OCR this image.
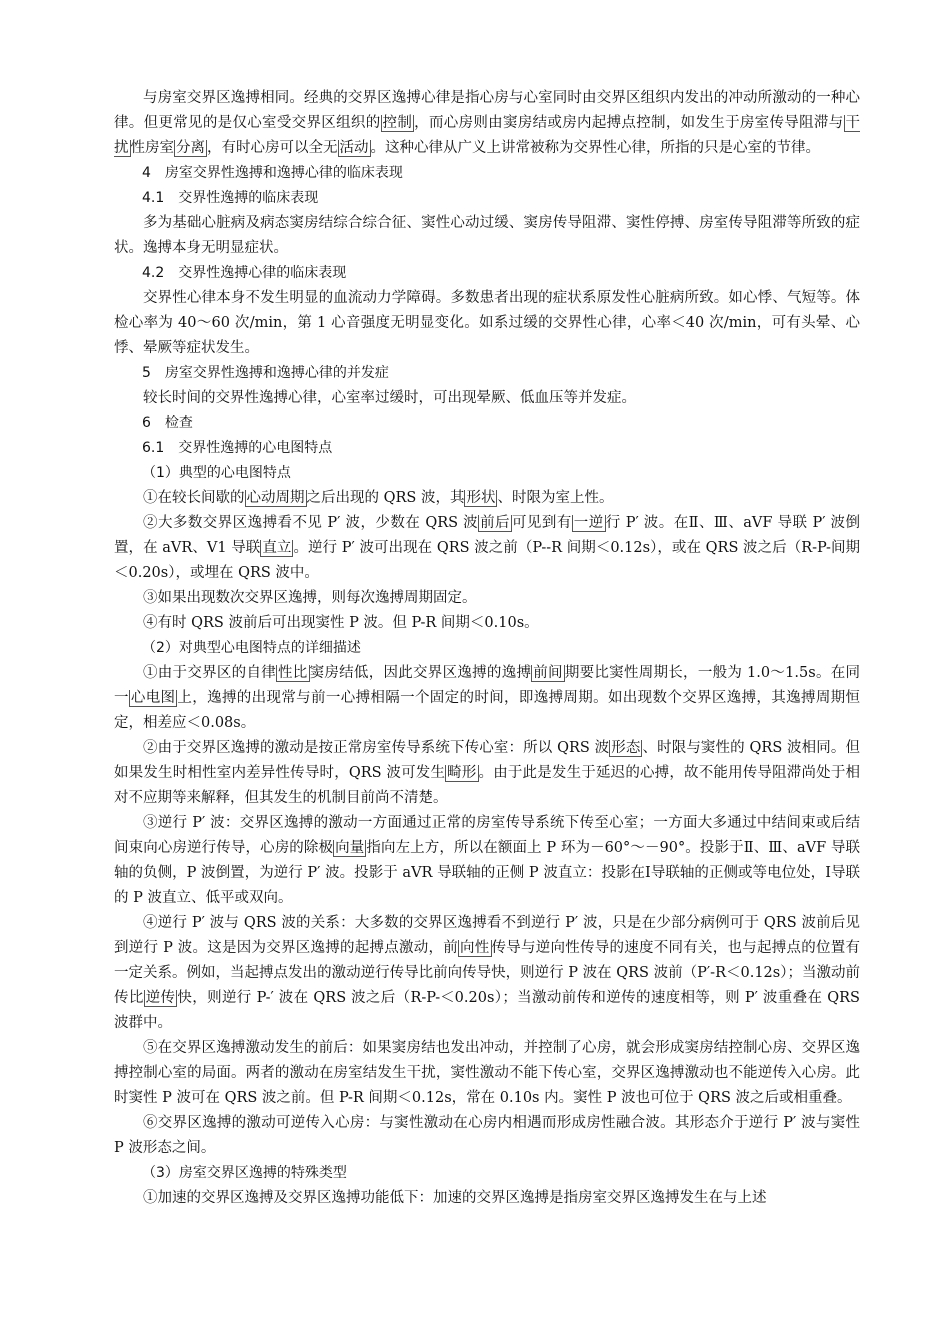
与房室交界区逸搏相同。经典的交界区逸搏心律是指心房与心室同时由交界区组织内发出的冲动所激动的一种心律。但更常见的是仅心室受交界区组织的 控制 ，而心房则由窦房结或房内起搏点控制，如发生于房室传导阻滞与 干扰 性房室 分离 ，有时心房可以全无 活动 。这种心律从广义上讲常被称为交界性心律，所指的只是心室的节律。

4　房室交界性逸搏和逸搏心律的临床表现

4.1　交界性逸搏的临床表现

多为基础心脏病及病态窦房结综合综合征、窦性心动过缓、窦房传导阻滞、窦性停搏、房室传导阻滞等所致的症状。逸搏本身无明显症状。

4.2　交界性逸搏心律的临床表现

交界性心律本身不发生明显的血流动力学障碍。多数患者出现的症状系原发性心脏病所致。如心悸、气短等。体检心率为 40～60 次/min，第 1 心音强度无明显变化。如系过缓的交界性心律，心率＜40 次/min，可有头晕、心悸、晕厥等症状发生。

5　房室交界性逸搏和逸搏心律的并发症

较长时间的交界性逸搏心律，心室率过缓时，可出现晕厥、低血压等并发症。

6　检查

6.1　交界性逸搏的心电图特点

（1）典型的心电图特点

①在较长间歇的 心动周期 之后出现的 QRS 波，其 形状 、时限为室上性。

②大多数交界区逸搏看不见 P′ 波，少数在 QRS 波 前后 可见到有 一逆 行 P′ 波。在Ⅱ、Ⅲ、aVF 导联 P′ 波倒置，在 aVR、V1 导联 直立 。逆行 P′ 波可出现在 QRS 波之前（P--R 间期＜0.12s），或在 QRS 波之后（R-P-间期＜0.20s），或埋在 QRS 波中。

③如果出现数次交界区逸搏，则每次逸搏周期固定。

④有时 QRS 波前后可出现窦性 P 波。但 P-R 间期＜0.10s。

（2）对典型心电图特点的详细描述

①由于交界区的自律 性比 窦房结低，因此交界区逸搏的逸搏 前间 期要比窦性周期长，一般为 1.0～1.5s。在同一 心电图 上，逸搏的出现常与前一心搏相隔一个固定的时间，即逸搏周期。如出现数个交界区逸搏，其逸搏周期恒定，相差应＜0.08s。

②由于交界区逸搏的激动是按正常房室传导系统下传心室：所以 QRS 波 形态 、时限与窦性的 QRS 波相同。但如果发生时相性室内差异性传导时，QRS 波可发生 畸形 。由于此是发生于延迟的心搏，故不能用传导阻滞尚处于相对不应期等来解释，但其发生的机制目前尚不清楚。

③逆行 P′ 波：交界区逸搏的激动一方面通过正常的房室传导系统下传至心室；一方面大多通过中结间束或后结间束向心房逆行传导，心房的除极 向量 指向左上方，所以在额面上 P 环为－60°～－90°。投影于Ⅱ、Ⅲ、aVF 导联轴的负侧，P 波倒置，为逆行 P′ 波。投影于 aVR 导联轴的正侧 P 波直立：投影在Ⅰ导联轴的正侧或等电位处，Ⅰ导联的 P 波直立、低平或双向。

④逆行 P′ 波与 QRS 波的关系：大多数的交界区逸搏看不到逆行 P′ 波，只是在少部分病例可于 QRS 波前后见到逆行 P 波。这是因为交界区逸搏的起搏点激动，前 向性 传导与逆向性传导的速度不同有关，也与起搏点的位置有一定关系。例如，当起搏点发出的激动逆行传导比前向传导快，则逆行 P 波在 QRS 波前（P′-R＜0.12s）；当激动前传比 逆传 快，则逆行 P-′ 波在 QRS 波之后（R-P-＜0.20s）；当激动前传和逆传的速度相等，则 P′ 波重叠在 QRS 波群中。

⑤在交界区逸搏激动发生的前后：如果窦房结也发出冲动，并控制了心房，就会形成窦房结控制心房、交界区逸搏控制心室的局面。两者的激动在房室结发生干扰，窦性激动不能下传心室，交界区逸搏激动也不能逆传入心房。此时窦性 P 波可在 QRS 波之前。但 P-R 间期＜0.12s，常在 0.10s 内。窦性 P 波也可位于 QRS 波之后或相重叠。

⑥交界区逸搏的激动可逆传入心房：与窦性激动在心房内相遇而形成房性融合波。其形态介于逆行 P′ 波与窦性 P 波形态之间。

（3）房室交界区逸搏的特殊类型

①加速的交界区逸搏及交界区逸搏功能低下：加速的交界区逸搏是指房室交界区逸搏发生在与上述
